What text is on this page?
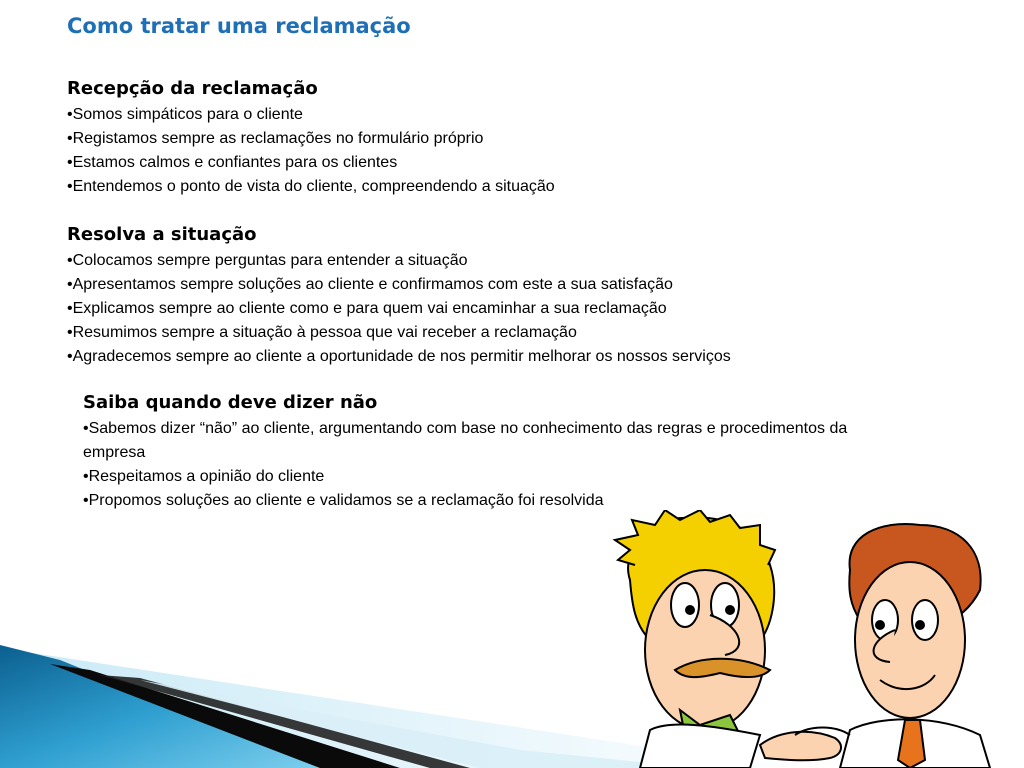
Como tratar uma reclamação
Recepção da reclamação
•Somos simpáticos para o cliente
•Registamos sempre as reclamações no formulário próprio
•Estamos calmos e confiantes para os clientes
•Entendemos o ponto de vista do cliente, compreendendo a situação
Resolva a situação
•Colocamos sempre perguntas para entender a situação
•Apresentamos sempre soluções ao cliente e confirmamos com este a sua satisfação
•Explicamos sempre ao cliente como e para quem vai encaminhar a sua reclamação
•Resumimos sempre a situação à pessoa que vai receber a reclamação
•Agradecemos sempre ao cliente a oportunidade de nos permitir melhorar os nossos serviços
Saiba quando deve dizer não
•Sabemos dizer “não” ao cliente, argumentando com base no conhecimento das regras e procedimentos da empresa
•Respeitamos a opinião do cliente
•Propomos soluções ao cliente e validamos se a reclamação foi resolvida
